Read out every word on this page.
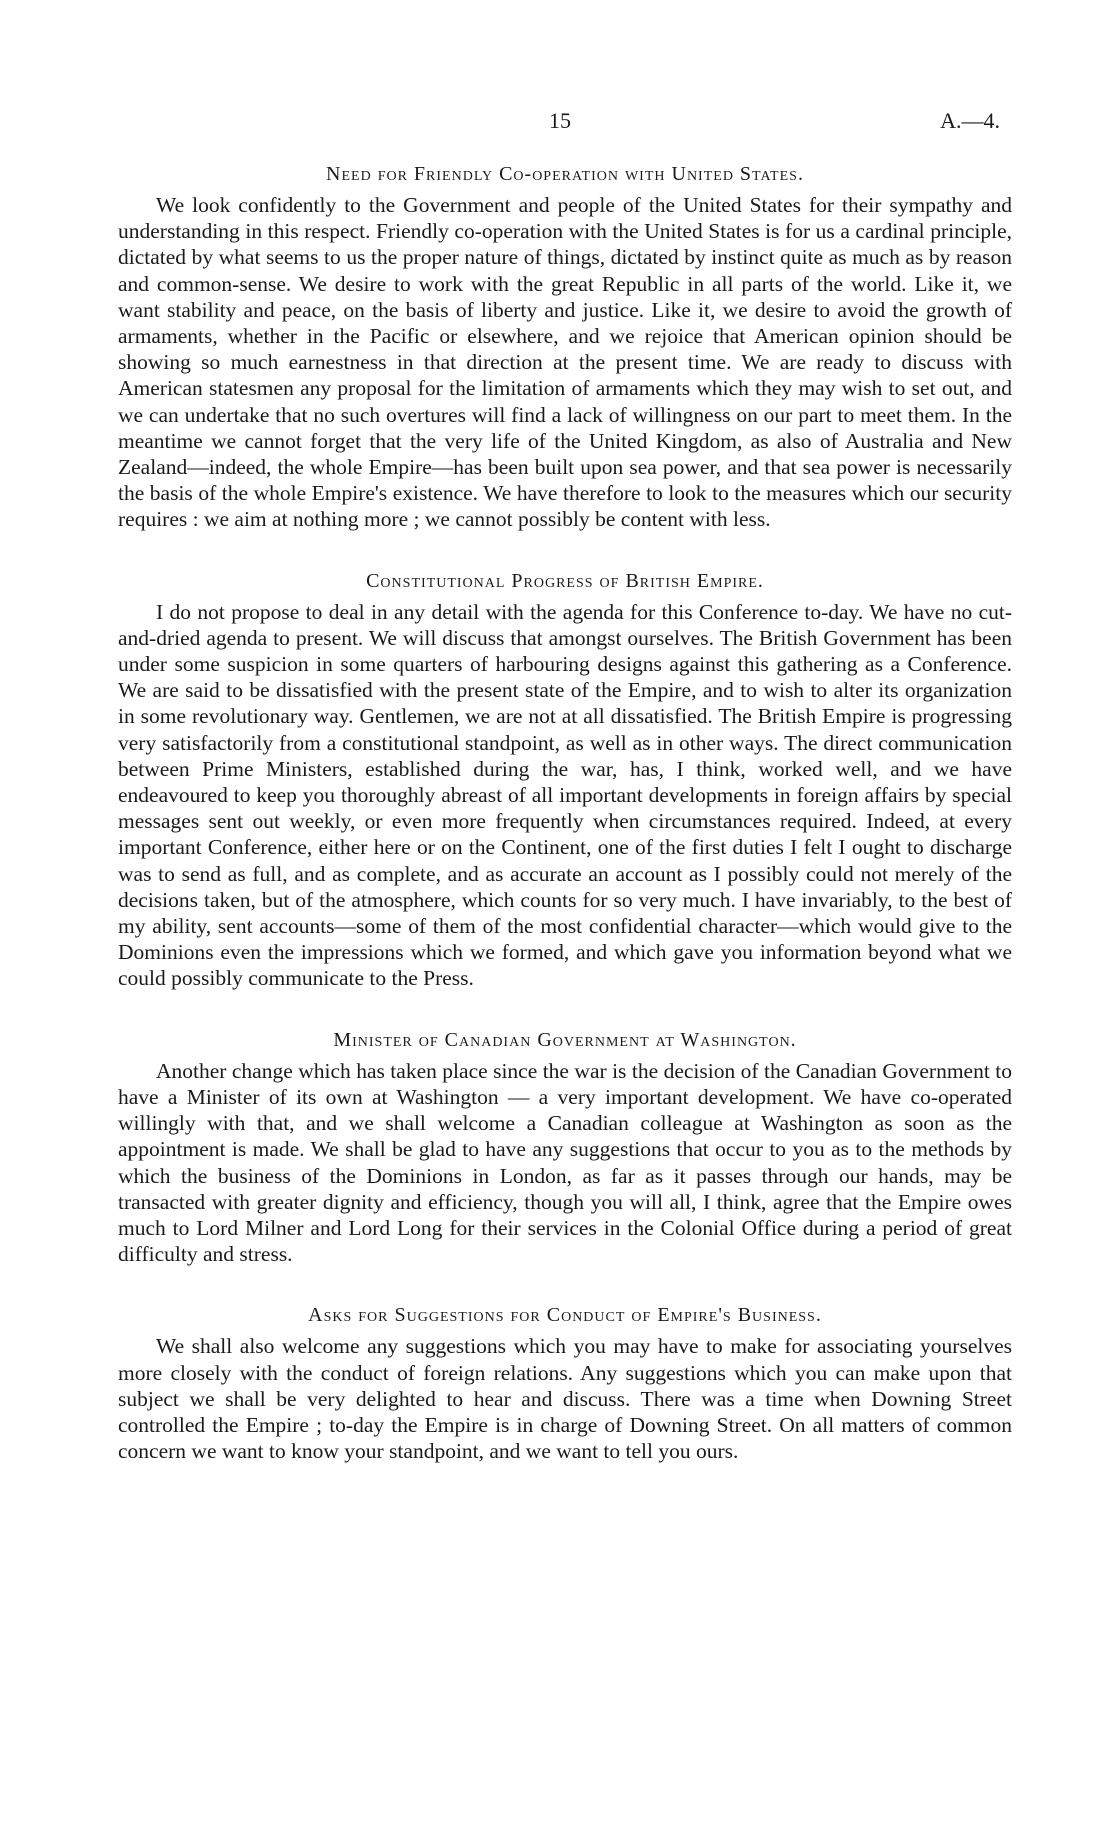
15	A.—4.
Need for Friendly Co-operation with United States.

We look confidently to the Government and people of the United States for their sympathy and understanding in this respect. Friendly co-operation with the United States is for us a cardinal principle, dictated by what seems to us the proper nature of things, dictated by instinct quite as much as by reason and common-sense. We desire to work with the great Republic in all parts of the world. Like it, we want stability and peace, on the basis of liberty and justice. Like it, we desire to avoid the growth of armaments, whether in the Pacific or elsewhere, and we rejoice that American opinion should be showing so much earnestness in that direction at the present time. We are ready to discuss with American statesmen any proposal for the limitation of armaments which they may wish to set out, and we can undertake that no such overtures will find a lack of willingness on our part to meet them. In the meantime we cannot forget that the very life of the United Kingdom, as also of Australia and New Zealand—indeed, the whole Empire—has been built upon sea power, and that sea power is necessarily the basis of the whole Empire's existence. We have therefore to look to the measures which our security requires : we aim at nothing more ; we cannot possibly be content with less.

Constitutional Progress of British Empire.

I do not propose to deal in any detail with the agenda for this Conference to-day. We have no cut-and-dried agenda to present. We will discuss that amongst ourselves. The British Government has been under some suspicion in some quarters of harbouring designs against this gathering as a Conference. We are said to be dissatisfied with the present state of the Empire, and to wish to alter its organization in some revolutionary way. Gentlemen, we are not at all dissatisfied. The British Empire is progressing very satisfactorily from a constitutional standpoint, as well as in other ways. The direct communication between Prime Ministers, established during the war, has, I think, worked well, and we have endeavoured to keep you thoroughly abreast of all important developments in foreign affairs by special messages sent out weekly, or even more frequently when circumstances required. Indeed, at every important Conference, either here or on the Continent, one of the first duties I felt I ought to discharge was to send as full, and as complete, and as accurate an account as I possibly could not merely of the decisions taken, but of the atmosphere, which counts for so very much. I have invariably, to the best of my ability, sent accounts—some of them of the most confidential character—which would give to the Dominions even the impressions which we formed, and which gave you information beyond what we could possibly communicate to the Press.

Minister of Canadian Government at Washington.

Another change which has taken place since the war is the decision of the Canadian Government to have a Minister of its own at Washington — a very important development. We have co-operated willingly with that, and we shall welcome a Canadian colleague at Washington as soon as the appointment is made. We shall be glad to have any suggestions that occur to you as to the methods by which the business of the Dominions in London, as far as it passes through our hands, may be transacted with greater dignity and efficiency, though you will all, I think, agree that the Empire owes much to Lord Milner and Lord Long for their services in the Colonial Office during a period of great difficulty and stress.

Asks for Suggestions for Conduct of Empire's Business.

We shall also welcome any suggestions which you may have to make for associating yourselves more closely with the conduct of foreign relations. Any suggestions which you can make upon that subject we shall be very delighted to hear and discuss. There was a time when Downing Street controlled the Empire ; to-day the Empire is in charge of Downing Street. On all matters of common concern we want to know your standpoint, and we want to tell you ours.
